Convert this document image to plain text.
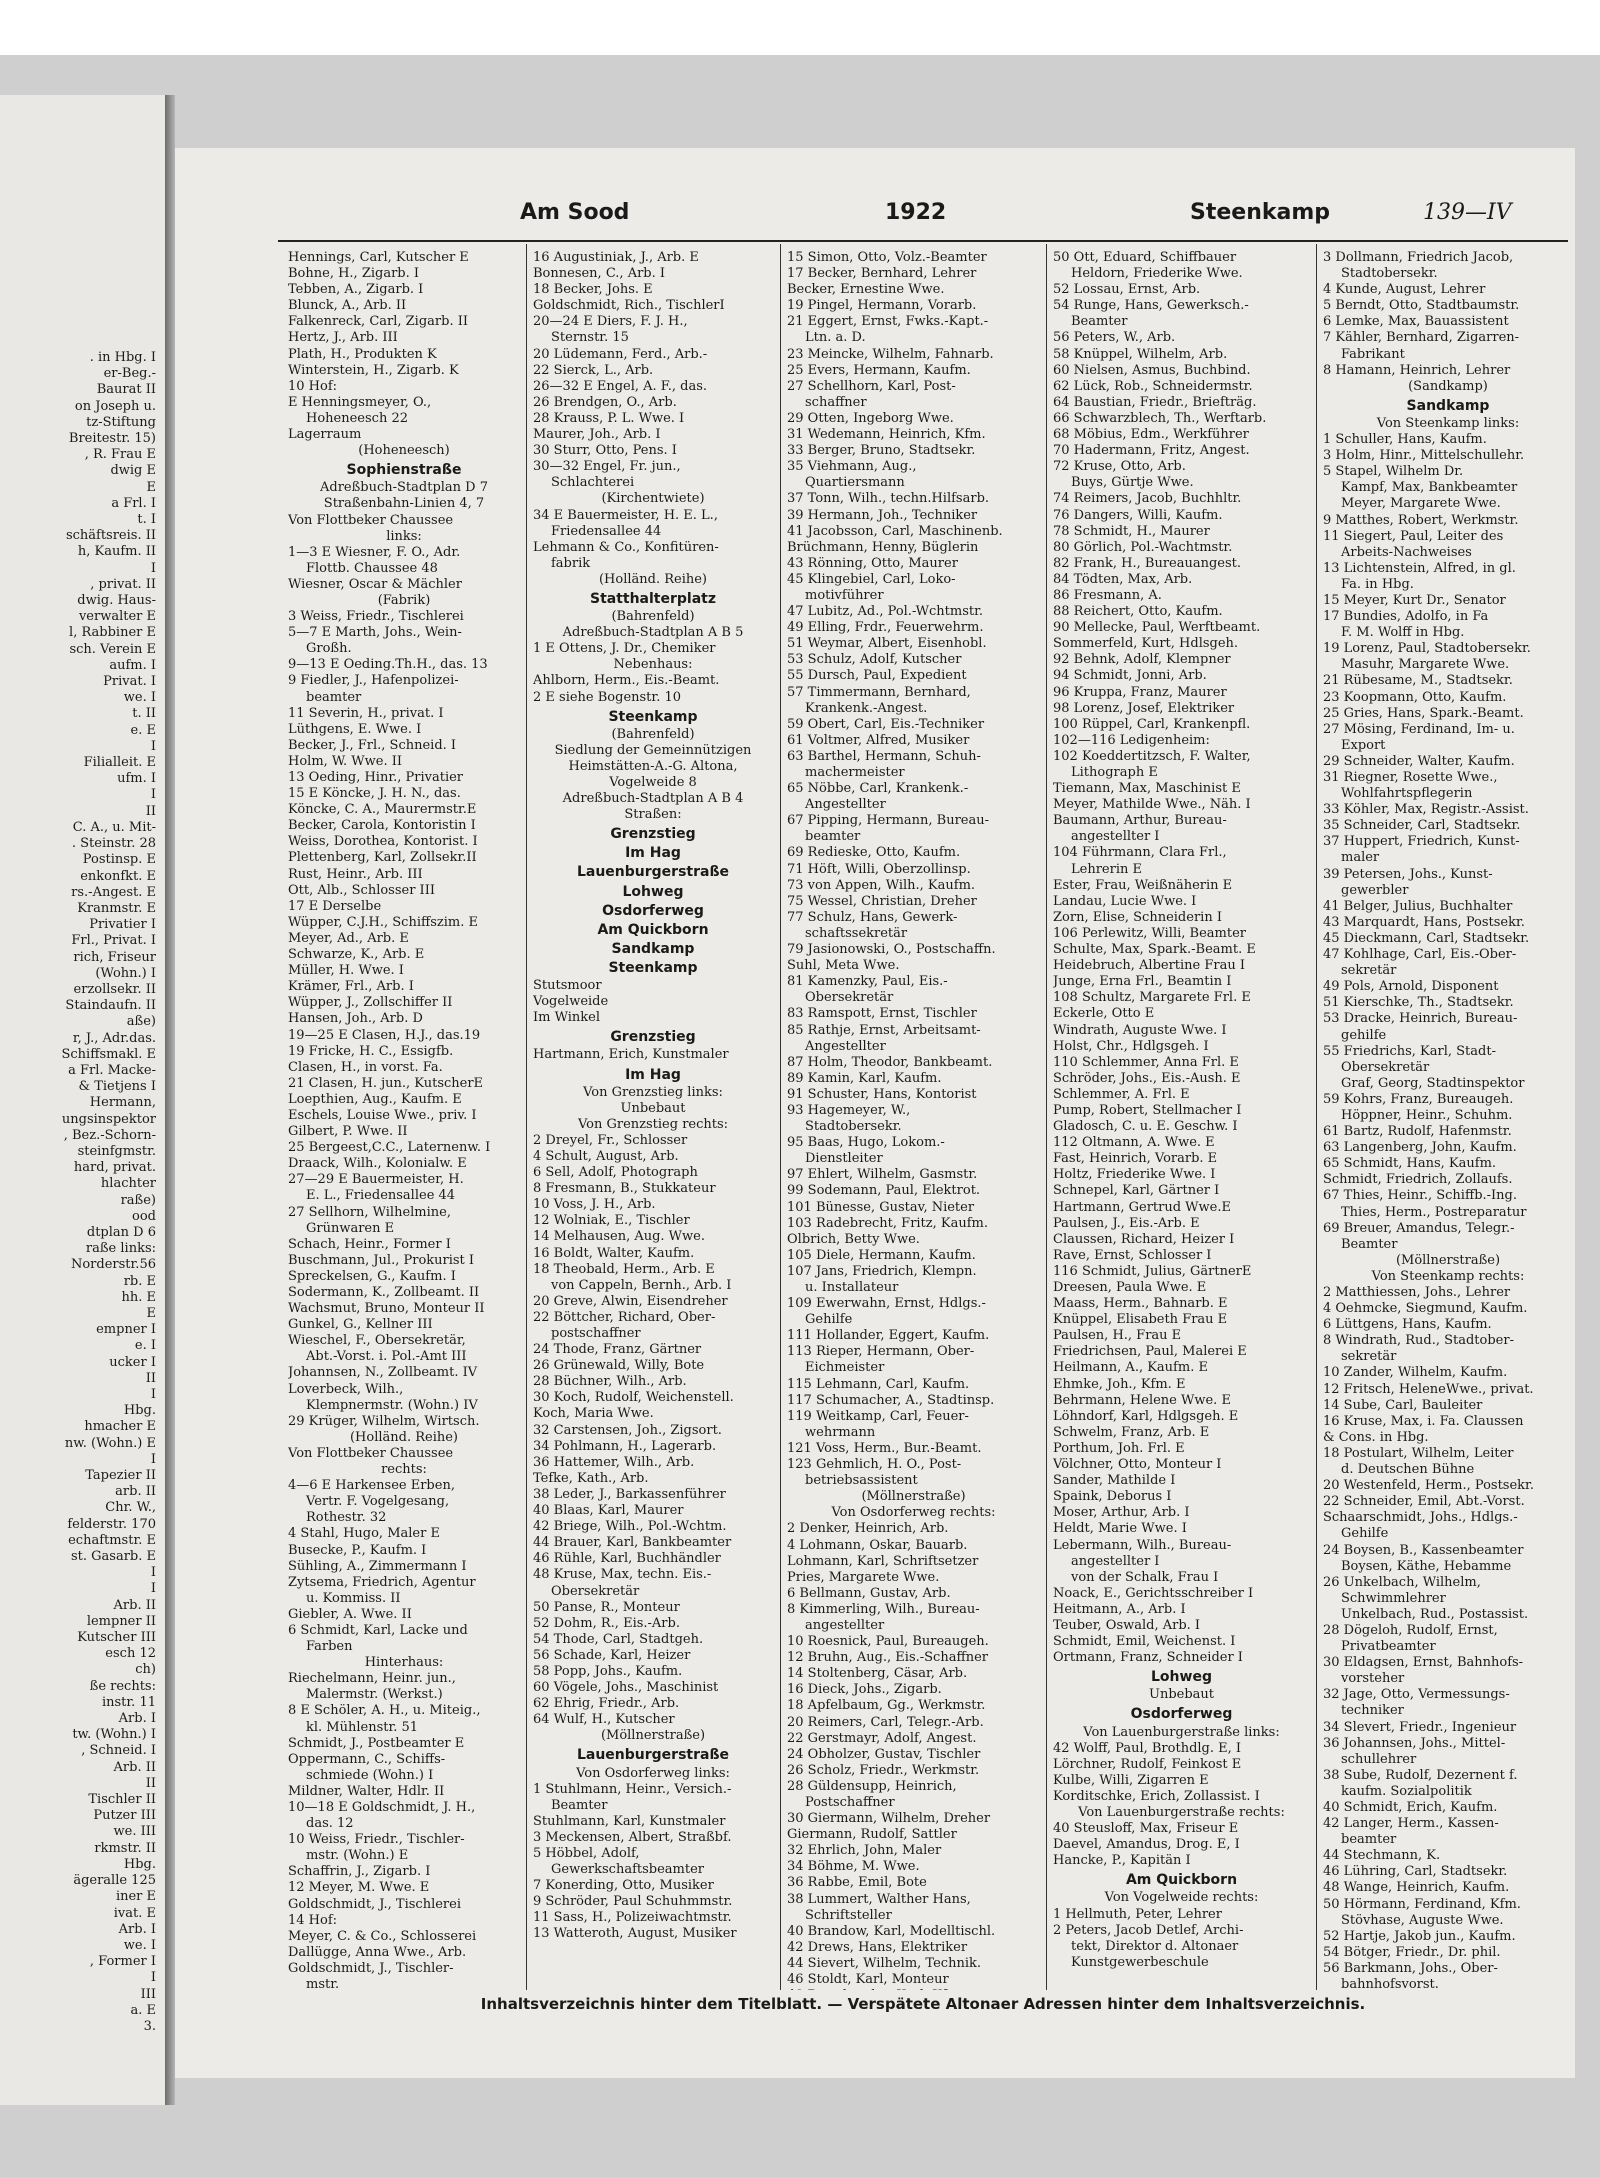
. in Hbg. I
er-Beg.-
Baurat II
on Joseph u.
tz-Stiftung
Breitestr. 15)
, R. Frau E
dwig E
E
a Frl. I
t. I
schäftsreis. II
h, Kaufm. II
I
, privat. II
dwig. Haus-
verwalter E
l, Rabbiner E
sch. Verein E
aufm. I
Privat. I
we. I
t. II
e. E
I
Filialleit. E
ufm. I
I
II
C. A., u. Mit-
. Steinstr. 28
Postinsp. E
enkonfkt. E
rs.-Angest. E
Kranmstr. E
Privatier I
Frl., Privat. I
rich, Friseur
(Wohn.) I
erzollsekr. II
Staindaufn. II
aße)
r, J., Adr.das.
Schiffsmakl. E
a Frl. Macke-
& Tietjens I
Hermann,
ungsinspektor
, Bez.-Schorn-
steinfgmstr.
hard, privat.
hlachter
raße)
ood
dtplan D 6
raße links:
Norderstr.56
rb. E
hh. E
E
empner I
e. I
ucker I
II
I
Hbg.
hmacher E
nw. (Wohn.) E
I
Tapezier II
arb. II
Chr. W.,
felderstr. 170
echaftmstr. E
st. Gasarb. E
I
I
Arb. II
lempner II
Kutscher III
esch 12
ch)
ße rechts:
instr. 11
Arb. I
tw. (Wohn.) I
, Schneid. I
Arb. II
II
Tischler II
Putzer III
we. III
rkmstr. II
Hbg.
ägeralle 125
iner E
ivat. E
Arb. I
we. I
, Former I
I
III
a. E
3.
Am Sood	1922	Steenkamp	139—IV
Hennings, Carl, Kutscher E
Bohne, H., Zigarb. I
Tebben, A., Zigarb. I
Blunck, A., Arb. II
Falkenreck, Carl, Zigarb. II
Hertz, J., Arb. III
Plath, H., Produkten K
Winterstein, H., Zigarb. K
10 Hof:
E Henningsmeyer, O.,
Hoheneesch 22
Lagerraum
(Hoheneesch)
Sophienstraße
Adreßbuch-Stadtplan D 7
Straßenbahn-Linien 4, 7
Von Flottbeker Chaussee
links:
1—3 E Wiesner, F. O., Adr.
Flottb. Chaussee 48
Wiesner, Oscar & Mächler
(Fabrik)
3 Weiss, Friedr., Tischlerei
5—7 E Marth, Johs., Wein-
Großh.
9—13 E Oeding.Th.H., das. 13
9 Fiedler, J., Hafenpolizei-
beamter
11 Severin, H., privat. I
Lüthgens, E. Wwe. I
Becker, J., Frl., Schneid. I
Holm, W. Wwe. II
13 Oeding, Hinr., Privatier
15 E Köncke, J. H. N., das.
Köncke, C. A., Maurermstr.E
Becker, Carola, Kontoristin I
Weiss, Dorothea, Kontorist. I
Plettenberg, Karl, Zollsekr.II
Rust, Heinr., Arb. III
Ott, Alb., Schlosser III
17 E Derselbe
Wüpper, C.J.H., Schiffszim. E
Meyer, Ad., Arb. E
Schwarze, K., Arb. E
Müller, H. Wwe. I
Krämer, Frl., Arb. I
Wüpper, J., Zollschiffer II
Hansen, Joh., Arb. D
19—25 E Clasen, H.J., das.19
19 Fricke, H. C., Essigfb.
Clasen, H., in vorst. Fa.
21 Clasen, H. jun., KutscherE
Loepthien, Aug., Kaufm. E
Eschels, Louise Wwe., priv. I
Gilbert, P. Wwe. II
25 Bergeest,C.C., Laternenw. I
Draack, Wilh., Kolonialw. E
27—29 E Bauermeister, H.
E. L., Friedensallee 44
27 Sellhorn, Wilhelmine,
Grünwaren E
Schach, Heinr., Former I
Buschmann, Jul., Prokurist I
Spreckelsen, G., Kaufm. I
Sodermann, K., Zollbeamt. II
Wachsmut, Bruno, Monteur II
Gunkel, G., Kellner III
Wieschel, F., Obersekretär,
Abt.-Vorst. i. Pol.-Amt III
Johannsen, N., Zollbeamt. IV
Loverbeck, Wilh.,
Klempnermstr. (Wohn.) IV
29 Krüger, Wilhelm, Wirtsch.
(Holländ. Reihe)
Von Flottbeker Chaussee
rechts:
4—6 E Harkensee Erben,
Vertr. F. Vogelgesang,
Rothestr. 32
4 Stahl, Hugo, Maler E
Busecke, P., Kaufm. I
Sühling, A., Zimmermann I
Zytsema, Friedrich, Agentur
u. Kommiss. II
Giebler, A. Wwe. II
6 Schmidt, Karl, Lacke und
Farben
Hinterhaus:
Riechelmann, Heinr. jun.,
Malermstr. (Werkst.)
8 E Schöler, A. H., u. Miteig.,
kl. Mühlenstr. 51
Schmidt, J., Postbeamter E
Oppermann, C., Schiffs-
schmiede (Wohn.) I
Mildner, Walter, Hdlr. II
10—18 E Goldschmidt, J. H.,
das. 12
10 Weiss, Friedr., Tischler-
mstr. (Wohn.) E
Schaffrin, J., Zigarb. I
12 Meyer, M. Wwe. E
Goldschmidt, J., Tischlerei
14 Hof:
Meyer, C. & Co., Schlosserei
Dallügge, Anna Wwe., Arb.
Goldschmidt, J., Tischler-
mstr.
16 Augustiniak, J., Arb. E
Bonnesen, C., Arb. I
18 Becker, Johs. E
Goldschmidt, Rich., TischlerI
20—24 E Diers, F. J. H.,
Sternstr. 15
20 Lüdemann, Ferd., Arb.-
22 Sierck, L., Arb.
26—32 E Engel, A. F., das.
26 Brendgen, O., Arb.
28 Krauss, P. L. Wwe. I
Maurer, Joh., Arb. I
30 Sturr, Otto, Pens. I
30—32 Engel, Fr. jun.,
Schlachterei
(Kirchentwiete)
34 E Bauermeister, H. E. L.,
Friedensallee 44
Lehmann & Co., Konfitüren-
fabrik
(Holländ. Reihe)
Statthalterplatz
(Bahrenfeld)
Adreßbuch-Stadtplan A B 5
1 E Ottens, J. Dr., Chemiker
Nebenhaus:
Ahlborn, Herm., Eis.-Beamt.
2 E siehe Bogenstr. 10
Steenkamp
(Bahrenfeld)
Siedlung der Gemeinnützigen
Heimstätten-A.-G. Altona,
Vogelweide 8
Adreßbuch-Stadtplan A B 4
Straßen:
Grenzstieg
Im Hag
Lauenburgerstraße
Lohweg
Osdorferweg
Am Quickborn
Sandkamp
Steenkamp
Stutsmoor
Vogelweide
Im Winkel
Grenzstieg
Hartmann, Erich, Kunstmaler
Im Hag
Von Grenzstieg links:
Unbebaut
Von Grenzstieg rechts:
2 Dreyel, Fr., Schlosser
4 Schult, August, Arb.
6 Sell, Adolf, Photograph
8 Fresmann, B., Stukkateur
10 Voss, J. H., Arb.
12 Wolniak, E., Tischler
14 Melhausen, Aug. Wwe.
16 Boldt, Walter, Kaufm.
18 Theobald, Herm., Arb. E
von Cappeln, Bernh., Arb. I
20 Greve, Alwin, Eisendreher
22 Böttcher, Richard, Ober-
postschaffner
24 Thode, Franz, Gärtner
26 Grünewald, Willy, Bote
28 Büchner, Wilh., Arb.
30 Koch, Rudolf, Weichenstell.
Koch, Maria Wwe.
32 Carstensen, Joh., Zigsort.
34 Pohlmann, H., Lagerarb.
36 Hattemer, Wilh., Arb.
Tefke, Kath., Arb.
38 Leder, J., Barkassenführer
40 Blaas, Karl, Maurer
42 Briege, Wilh., Pol.-Wchtm.
44 Brauer, Karl, Bankbeamter
46 Rühle, Karl, Buchhändler
48 Kruse, Max, techn. Eis.-
Obersekretär
50 Panse, R., Monteur
52 Dohm, R., Eis.-Arb.
54 Thode, Carl, Stadtgeh.
56 Schade, Karl, Heizer
58 Popp, Johs., Kaufm.
60 Vögele, Johs., Maschinist
62 Ehrig, Friedr., Arb.
64 Wulf, H., Kutscher
(Möllnerstraße)
Lauenburgerstraße
Von Osdorferweg links:
1 Stuhlmann, Heinr., Versich.-
Beamter
Stuhlmann, Karl, Kunstmaler
3 Meckensen, Albert, Straßbf.
5 Höbbel, Adolf,
Gewerkschaftsbeamter
7 Konerding, Otto, Musiker
9 Schröder, Paul Schuhmmstr.
11 Sass, H., Polizeiwachtmstr.
13 Watteroth, August, Musiker
15 Simon, Otto, Volz.-Beamter
17 Becker, Bernhard, Lehrer
Becker, Ernestine Wwe.
19 Pingel, Hermann, Vorarb.
21 Eggert, Ernst, Fwks.-Kapt.-
Ltn. a. D.
23 Meincke, Wilhelm, Fahnarb.
25 Evers, Hermann, Kaufm.
27 Schellhorn, Karl, Post-
schaffner
29 Otten, Ingeborg Wwe.
31 Wedemann, Heinrich, Kfm.
33 Berger, Bruno, Stadtsekr.
35 Viehmann, Aug.,
Quartiersmann
37 Tonn, Wilh., techn.Hilfsarb.
39 Hermann, Joh., Techniker
41 Jacobsson, Carl, Maschinenb.
Brüchmann, Henny, Büglerin
43 Rönning, Otto, Maurer
45 Klingebiel, Carl, Loko-
motivführer
47 Lubitz, Ad., Pol.-Wchtmstr.
49 Elling, Frdr., Feuerwehrm.
51 Weymar, Albert, Eisenhobl.
53 Schulz, Adolf, Kutscher
55 Dursch, Paul, Expedient
57 Timmermann, Bernhard,
Krankenk.-Angest.
59 Obert, Carl, Eis.-Techniker
61 Voltmer, Alfred, Musiker
63 Barthel, Hermann, Schuh-
machermeister
65 Nöbbe, Carl, Krankenk.-
Angestellter
67 Pipping, Hermann, Bureau-
beamter
69 Redieske, Otto, Kaufm.
71 Höft, Willi, Oberzollinsp.
73 von Appen, Wilh., Kaufm.
75 Wessel, Christian, Dreher
77 Schulz, Hans, Gewerk-
schaftssekretär
79 Jasionowski, O., Postschaffn.
Suhl, Meta Wwe.
81 Kamenzky, Paul, Eis.-
Obersekretär
83 Ramspott, Ernst, Tischler
85 Rathje, Ernst, Arbeitsamt-
Angestellter
87 Holm, Theodor, Bankbeamt.
89 Kamin, Karl, Kaufm.
91 Schuster, Hans, Kontorist
93 Hagemeyer, W.,
Stadtobersekr.
95 Baas, Hugo, Lokom.-
Dienstleiter
97 Ehlert, Wilhelm, Gasmstr.
99 Sodemann, Paul, Elektrot.
101 Bünesse, Gustav, Nieter
103 Radebrecht, Fritz, Kaufm.
Olbrich, Betty Wwe.
105 Diele, Hermann, Kaufm.
107 Jans, Friedrich, Klempn.
u. Installateur
109 Ewerwahn, Ernst, Hdlgs.-
Gehilfe
111 Hollander, Eggert, Kaufm.
113 Rieper, Hermann, Ober-
Eichmeister
115 Lehmann, Carl, Kaufm.
117 Schumacher, A., Stadtinsp.
119 Weitkamp, Carl, Feuer-
wehrmann
121 Voss, Herm., Bur.-Beamt.
123 Gehmlich, H. O., Post-
betriebsassistent
(Möllnerstraße)
Von Osdorferweg rechts:
2 Denker, Heinrich, Arb.
4 Lohmann, Oskar, Bauarb.
Lohmann, Karl, Schriftsetzer
Pries, Margarete Wwe.
6 Bellmann, Gustav, Arb.
8 Kimmerling, Wilh., Bureau-
angestellter
10 Roesnick, Paul, Bureaugeh.
12 Bruhn, Aug., Eis.-Schaffner
14 Stoltenberg, Cäsar, Arb.
16 Dieck, Johs., Zigarb.
18 Apfelbaum, Gg., Werkmstr.
20 Reimers, Carl, Telegr.-Arb.
22 Gerstmayr, Adolf, Angest.
24 Obholzer, Gustav, Tischler
26 Scholz, Friedr., Werkmstr.
28 Güldensupp, Heinrich,
Postschaffner
30 Giermann, Wilhelm, Dreher
Giermann, Rudolf, Sattler
32 Ehrlich, John, Maler
34 Böhme, M. Wwe.
36 Rabbe, Emil, Bote
38 Lummert, Walther Hans,
Schriftsteller
40 Brandow, Karl, Modelltischl.
42 Drews, Hans, Elektriker
44 Sievert, Wilhelm, Technik.
46 Stoldt, Karl, Monteur
50 Ott, Eduard, Schiffbauer
Heldorn, Friederike Wwe.
52 Lossau, Ernst, Arb.
54 Runge, Hans, Gewerksch.-
Beamter
56 Peters, W., Arb.
58 Knüppel, Wilhelm, Arb.
60 Nielsen, Asmus, Buchbind.
62 Lück, Rob., Schneidermstr.
64 Baustian, Friedr., Briefträg.
66 Schwarzblech, Th., Werftarb.
68 Möbius, Edm., Werkführer
70 Hadermann, Fritz, Angest.
72 Kruse, Otto, Arb.
Buys, Gürtje Wwe.
74 Reimers, Jacob, Buchhltr.
76 Dangers, Willi, Kaufm.
78 Schmidt, H., Maurer
80 Görlich, Pol.-Wachtmstr.
82 Frank, H., Bureauangest.
84 Tödten, Max, Arb.
86 Fresmann, A.
88 Reichert, Otto, Kaufm.
90 Mellecke, Paul, Werftbeamt.
Sommerfeld, Kurt, Hdlsgeh.
92 Behnk, Adolf, Klempner
94 Schmidt, Jonni, Arb.
96 Kruppa, Franz, Maurer
98 Lorenz, Josef, Elektriker
100 Rüppel, Carl, Krankenpfl.
102—116 Ledigenheim:
102 Koeddertitzsch, F. Walter,
Lithograph E
Tiemann, Max, Maschinist E
Meyer, Mathilde Wwe., Näh. I
Baumann, Arthur, Bureau-
angestellter I
104 Führmann, Clara Frl.,
Lehrerin E
Ester, Frau, Weißnäherin E
Landau, Lucie Wwe. I
Zorn, Elise, Schneiderin I
106 Perlewitz, Willi, Beamter
Schulte, Max, Spark.-Beamt. E
Heidebruch, Albertine Frau I
Junge, Erna Frl., Beamtin I
108 Schultz, Margarete Frl. E
Eckerle, Otto E
Windrath, Auguste Wwe. I
Holst, Chr., Hdlgsgeh. I
110 Schlemmer, Anna Frl. E
Schröder, Johs., Eis.-Aush. E
Schlemmer, A. Frl. E
Pump, Robert, Stellmacher I
Gladosch, C. u. E. Geschw. I
112 Oltmann, A. Wwe. E
Fast, Heinrich, Vorarb. E
Holtz, Friederike Wwe. I
Schnepel, Karl, Gärtner I
Hartmann, Gertrud Wwe.E
Paulsen, J., Eis.-Arb. E
Claussen, Richard, Heizer I
Rave, Ernst, Schlosser I
116 Schmidt, Julius, GärtnerE
Dreesen, Paula Wwe. E
Maass, Herm., Bahnarb. E
Knüppel, Elisabeth Frau E
Paulsen, H., Frau E
Friedrichsen, Paul, Malerei E
Heilmann, A., Kaufm. E
Ehmke, Joh., Kfm. E
Behrmann, Helene Wwe. E
Löhndorf, Karl, Hdlgsgeh. E
Schwelm, Franz, Arb. E
Porthum, Joh. Frl. E
Völchner, Otto, Monteur I
Sander, Mathilde I
Spaink, Deborus I
Moser, Arthur, Arb. I
Heldt, Marie Wwe. I
Lebermann, Wilh., Bureau-
angestellter I
von der Schalk, Frau I
Noack, E., Gerichtsschreiber I
Heitmann, A., Arb. I
Teuber, Oswald, Arb. I
Schmidt, Emil, Weichenst. I
Ortmann, Franz, Schneider I
Lohweg
Unbebaut
Osdorferweg
Von Lauenburgerstraße links:
42 Wolff, Paul, Brothdlg. E, I
Lörchner, Rudolf, Feinkost E
Kulbe, Willi, Zigarren E
Korditschke, Erich, Zollassist. I
Von Lauenburgerstraße rechts:
40 Steusloff, Max, Friseur E
Daevel, Amandus, Drog. E, I
Hancke, P., Kapitän I
Am Quickborn
Von Vogelweide rechts:
1 Hellmuth, Peter, Lehrer
2 Peters, Jacob Detlef, Archi-
tekt, Direktor d. Altonaer
Kunstgewerbeschule
3 Dollmann, Friedrich Jacob,
Stadtobersekr.
4 Kunde, August, Lehrer
5 Berndt, Otto, Stadtbaumstr.
6 Lemke, Max, Bauassistent
7 Kähler, Bernhard, Zigarren-
Fabrikant
8 Hamann, Heinrich, Lehrer
(Sandkamp)
Sandkamp
Von Steenkamp links:
1 Schuller, Hans, Kaufm.
3 Holm, Hinr., Mittelschullehr.
5 Stapel, Wilhelm Dr.
Kampf, Max, Bankbeamter
Meyer, Margarete Wwe.
9 Matthes, Robert, Werkmstr.
11 Siegert, Paul, Leiter des
Arbeits-Nachweises
13 Lichtenstein, Alfred, in gl.
Fa. in Hbg.
15 Meyer, Kurt Dr., Senator
17 Bundies, Adolfo, in Fa
F. M. Wolff in Hbg.
19 Lorenz, Paul, Stadtobersekr.
Masuhr, Margarete Wwe.
21 Rübesame, M., Stadtsekr.
23 Koopmann, Otto, Kaufm.
25 Gries, Hans, Spark.-Beamt.
27 Mösing, Ferdinand, Im- u.
Export
29 Schneider, Walter, Kaufm.
31 Riegner, Rosette Wwe.,
Wohlfahrtspflegerin
33 Köhler, Max, Registr.-Assist.
35 Schneider, Carl, Stadtsekr.
37 Huppert, Friedrich, Kunst-
maler
39 Petersen, Johs., Kunst-
gewerbler
41 Belger, Julius, Buchhalter
43 Marquardt, Hans, Postsekr.
45 Dieckmann, Carl, Stadtsekr.
47 Kohlhage, Carl, Eis.-Ober-
sekretär
49 Pols, Arnold, Disponent
51 Kierschke, Th., Stadtsekr.
53 Dracke, Heinrich, Bureau-
gehilfe
55 Friedrichs, Karl, Stadt-
Obersekretär
Graf, Georg, Stadtinspektor
59 Kohrs, Franz, Bureaugeh.
Höppner, Heinr., Schuhm.
61 Bartz, Rudolf, Hafenmstr.
63 Langenberg, John, Kaufm.
65 Schmidt, Hans, Kaufm.
Schmidt, Friedrich, Zollaufs.
67 Thies, Heinr., Schiffb.-Ing.
Thies, Herm., Postreparatur
69 Breuer, Amandus, Telegr.-
Beamter
(Möllnerstraße)
Von Steenkamp rechts:
2 Matthiessen, Johs., Lehrer
4 Oehmcke, Siegmund, Kaufm.
6 Lüttgens, Hans, Kaufm.
8 Windrath, Rud., Stadtober-
sekretär
10 Zander, Wilhelm, Kaufm.
12 Fritsch, HeleneWwe., privat.
14 Sube, Carl, Bauleiter
16 Kruse, Max, i. Fa. Claussen
& Cons. in Hbg.
18 Postulart, Wilhelm, Leiter
d. Deutschen Bühne
20 Westenfeld, Herm., Postsekr.
22 Schneider, Emil, Abt.-Vorst.
Schaarschmidt, Johs., Hdlgs.-
Gehilfe
24 Boysen, B., Kassenbeamter
Boysen, Käthe, Hebamme
26 Unkelbach, Wilhelm,
Schwimmlehrer
Unkelbach, Rud., Postassist.
28 Dögeloh, Rudolf, Ernst,
Privatbeamter
30 Eldagsen, Ernst, Bahnhofs-
vorsteher
32 Jage, Otto, Vermessungs-
techniker
34 Slevert, Friedr., Ingenieur
36 Johannsen, Johs., Mittel-
schullehrer
38 Sube, Rudolf, Dezernent f.
kaufm. Sozialpolitik
40 Schmidt, Erich, Kaufm.
42 Langer, Herm., Kassen-
beamter
44 Stechmann, K.
46 Lühring, Carl, Stadtsekr.
48 Wange, Heinrich, Kaufm.
50 Hörmann, Ferdinand, Kfm.
Stövhase, Auguste Wwe.
52 Hartje, Jakob jun., Kaufm.
54 Bötger, Friedr., Dr. phil.
56 Barkmann, Johs., Ober-
bahnhofsvorst.
Inhaltsverzeichnis hinter dem Titelblatt. — Verspätete Altonaer Adressen hinter dem Inhaltsverzeichnis.
